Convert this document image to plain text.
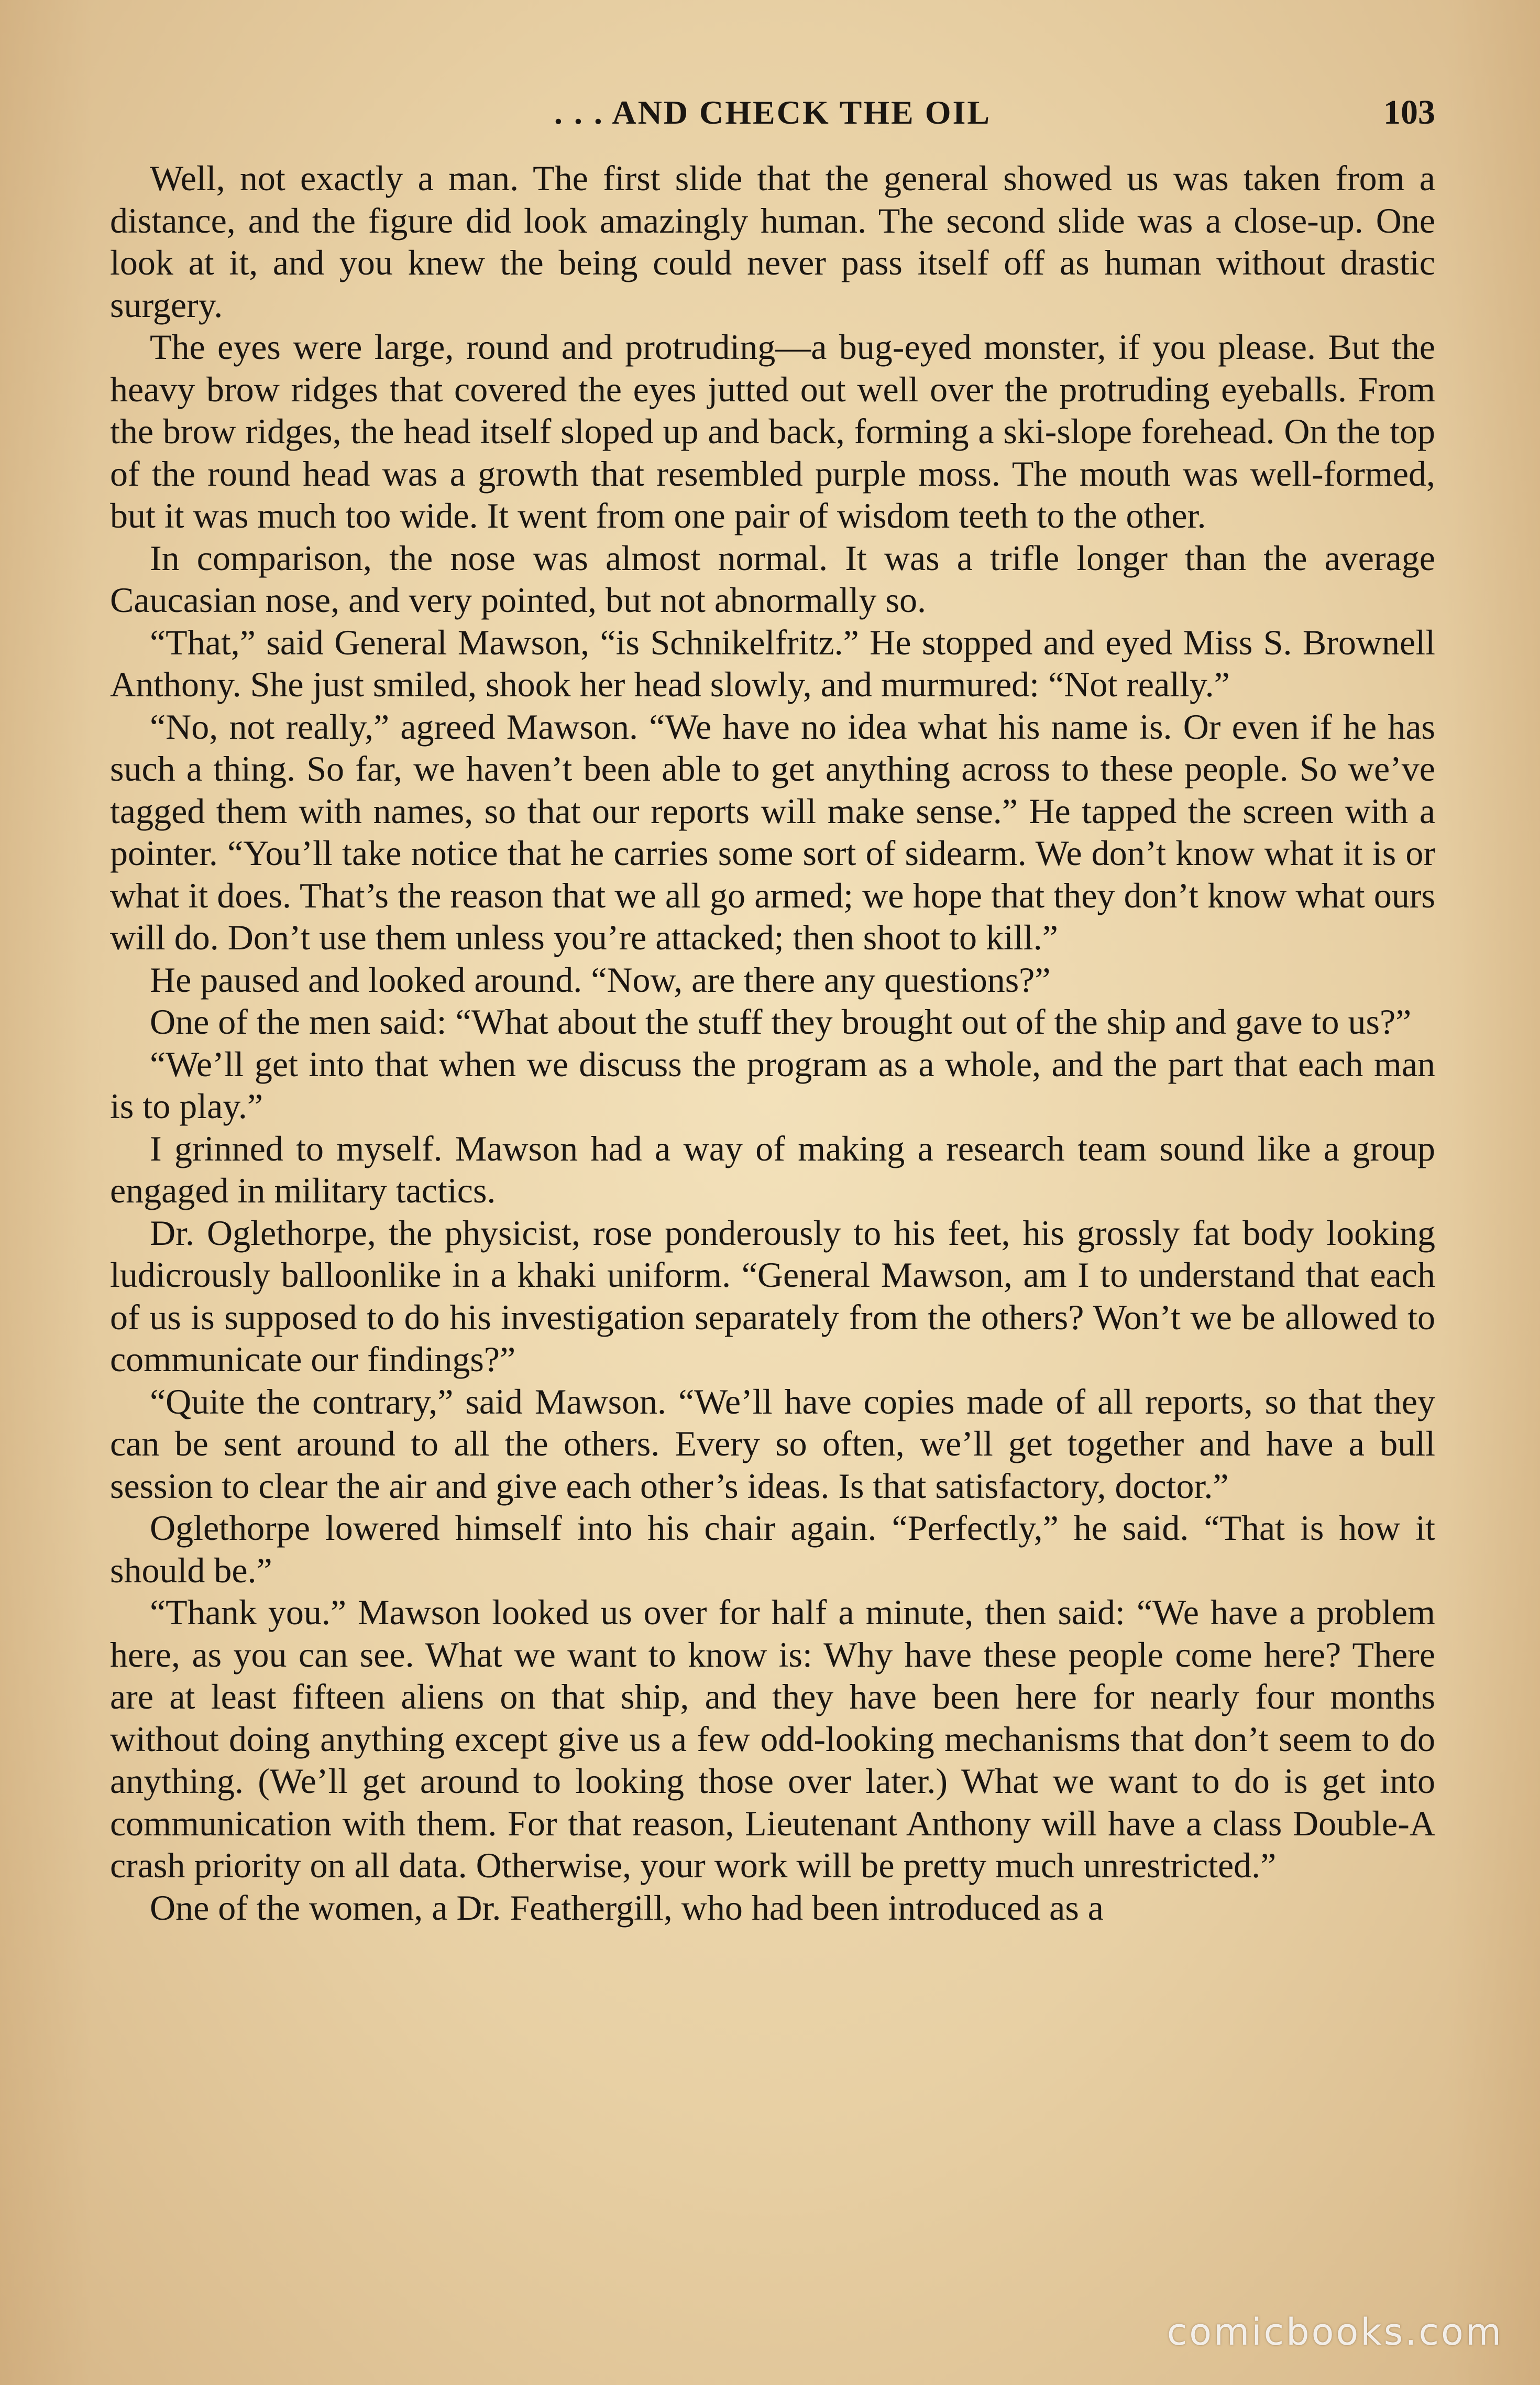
. . . AND CHECK THE OIL	103

Well, not exactly a man. The first slide that the general showed us was taken from a distance, and the figure did look amazingly human. The second slide was a close-up. One look at it, and you knew the being could never pass itself off as human without drastic surgery.

The eyes were large, round and protruding—a bug-eyed monster, if you please. But the heavy brow ridges that covered the eyes jutted out well over the protruding eyeballs. From the brow ridges, the head itself sloped up and back, forming a ski-slope forehead. On the top of the round head was a growth that resembled purple moss. The mouth was well-formed, but it was much too wide. It went from one pair of wisdom teeth to the other.

In comparison, the nose was almost normal. It was a trifle longer than the average Caucasian nose, and very pointed, but not abnormally so.

“That,” said General Mawson, “is Schnikelfritz.” He stopped and eyed Miss S. Brownell Anthony. She just smiled, shook her head slowly, and murmured: “Not really.”

“No, not really,” agreed Mawson. “We have no idea what his name is. Or even if he has such a thing. So far, we haven’t been able to get anything across to these people. So we’ve tagged them with names, so that our reports will make sense.” He tapped the screen with a pointer. “You’ll take notice that he carries some sort of sidearm. We don’t know what it is or what it does. That’s the reason that we all go armed; we hope that they don’t know what ours will do. Don’t use them unless you’re attacked; then shoot to kill.”

He paused and looked around. “Now, are there any questions?”

One of the men said: “What about the stuff they brought out of the ship and gave to us?”

“We’ll get into that when we discuss the program as a whole, and the part that each man is to play.”

I grinned to myself. Mawson had a way of making a research team sound like a group engaged in military tactics.

Dr. Oglethorpe, the physicist, rose ponderously to his feet, his grossly fat body looking ludicrously balloonlike in a khaki uniform. “General Mawson, am I to understand that each of us is supposed to do his investigation separately from the others? Won’t we be allowed to communicate our findings?”

“Quite the contrary,” said Mawson. “We’ll have copies made of all reports, so that they can be sent around to all the others. Every so often, we’ll get together and have a bull session to clear the air and give each other’s ideas. Is that satisfactory, doctor.”

Oglethorpe lowered himself into his chair again. “Perfectly,” he said. “That is how it should be.”

“Thank you.” Mawson looked us over for half a minute, then said: “We have a problem here, as you can see. What we want to know is: Why have these people come here? There are at least fifteen aliens on that ship, and they have been here for nearly four months without doing anything except give us a few odd-looking mechanisms that don’t seem to do anything. (We’ll get around to looking those over later.) What we want to do is get into communication with them. For that reason, Lieutenant Anthony will have a class Double-A crash priority on all data. Otherwise, your work will be pretty much unrestricted.”

One of the women, a Dr. Feathergill, who had been introduced as a

comicbooks.com
